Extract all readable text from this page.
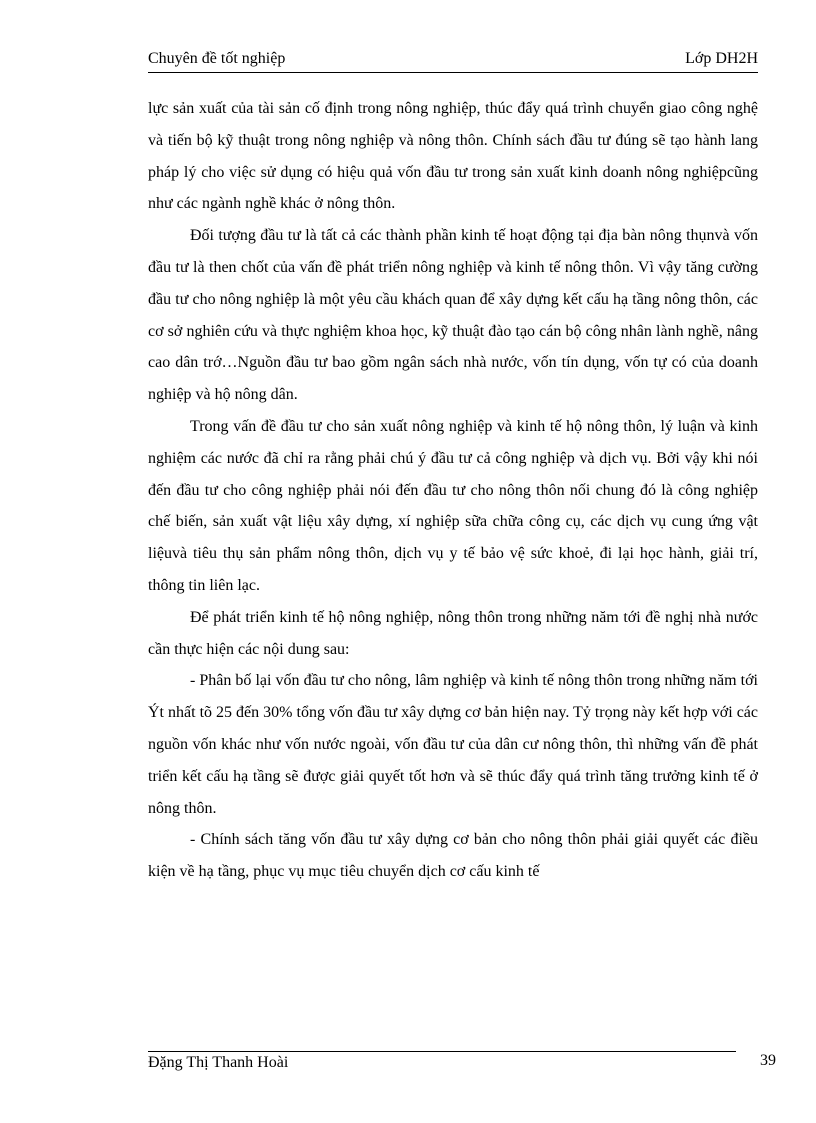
Chuyên đề tốt nghiệp	Lớp DH2H

lực sản xuất của tài sản cố định trong nông nghiệp, thúc đẩy quá trình chuyển giao công nghệ và tiến bộ kỹ thuật trong nông nghiệp và nông thôn. Chính sách đầu tư đúng sẽ tạo hành lang pháp lý cho việc sử dụng có hiệu quả vốn đầu tư trong sản xuất kinh doanh nông nghiệpcũng như các ngành nghề khác ở nông thôn.

Đối tượng đầu tư là tất cả các thành phần kinh tế hoạt động tại địa bàn nông thụnvà vốn đầu tư là then chốt của vấn đề phát triển nông nghiệp và kinh tế nông thôn. Vì vậy tăng cường đầu tư cho nông nghiệp là một yêu cầu khách quan để xây dựng kết cấu hạ tầng nông thôn, các cơ sở nghiên cứu và thực nghiệm khoa học, kỹ thuật đào tạo cán bộ công nhân lành nghề, nâng cao dân trớ…Nguồn đầu tư bao gồm ngân sách nhà nước, vốn tín dụng, vốn tự có của doanh nghiệp và hộ nông dân.

Trong vấn đề đầu tư cho sản xuất nông nghiệp và kinh tế hộ nông thôn, lý luận và kinh nghiệm các nước đã chỉ ra rằng phải chú ý đầu tư cả công nghiệp và dịch vụ. Bởi vậy khi nói đến đầu tư cho công nghiệp phải nói đến đầu tư cho nông thôn nối chung đó là công nghiệp chế biến, sản xuất vật liệu xây dựng, xí nghiệp sữa chữa công cụ, các dịch vụ cung ứng vật liệuvà tiêu thụ sản phẩm nông thôn, dịch vụ y tế bảo vệ sức khoẻ, đi lại học hành, giải trí, thông tin liên lạc.

Để phát triển kinh tế hộ nông nghiệp, nông thôn trong những năm tới đề nghị nhà nước cần thực hiện các nội dung sau:

- Phân bố lại vốn đầu tư cho nông, lâm nghiệp và kinh tế nông thôn trong những năm tới Ýt nhất tõ 25 đến 30% tổng vốn đầu tư xây dựng cơ bản hiện nay. Tỷ trọng này kết hợp với các nguồn vốn khác như vốn nước ngoài, vốn đầu tư của dân cư nông thôn, thì những vấn đề phát triển kết cấu hạ tầng sẽ được giải quyết tốt hơn và sẽ thúc đẩy quá trình tăng trưởng kinh tế ở nông thôn.

- Chính sách tăng vốn đầu tư xây dựng cơ bản cho nông thôn phải giải quyết các điều kiện về hạ tầng, phục vụ mục tiêu chuyển dịch cơ cấu kinh tế

Đặng Thị Thanh Hoài	39
